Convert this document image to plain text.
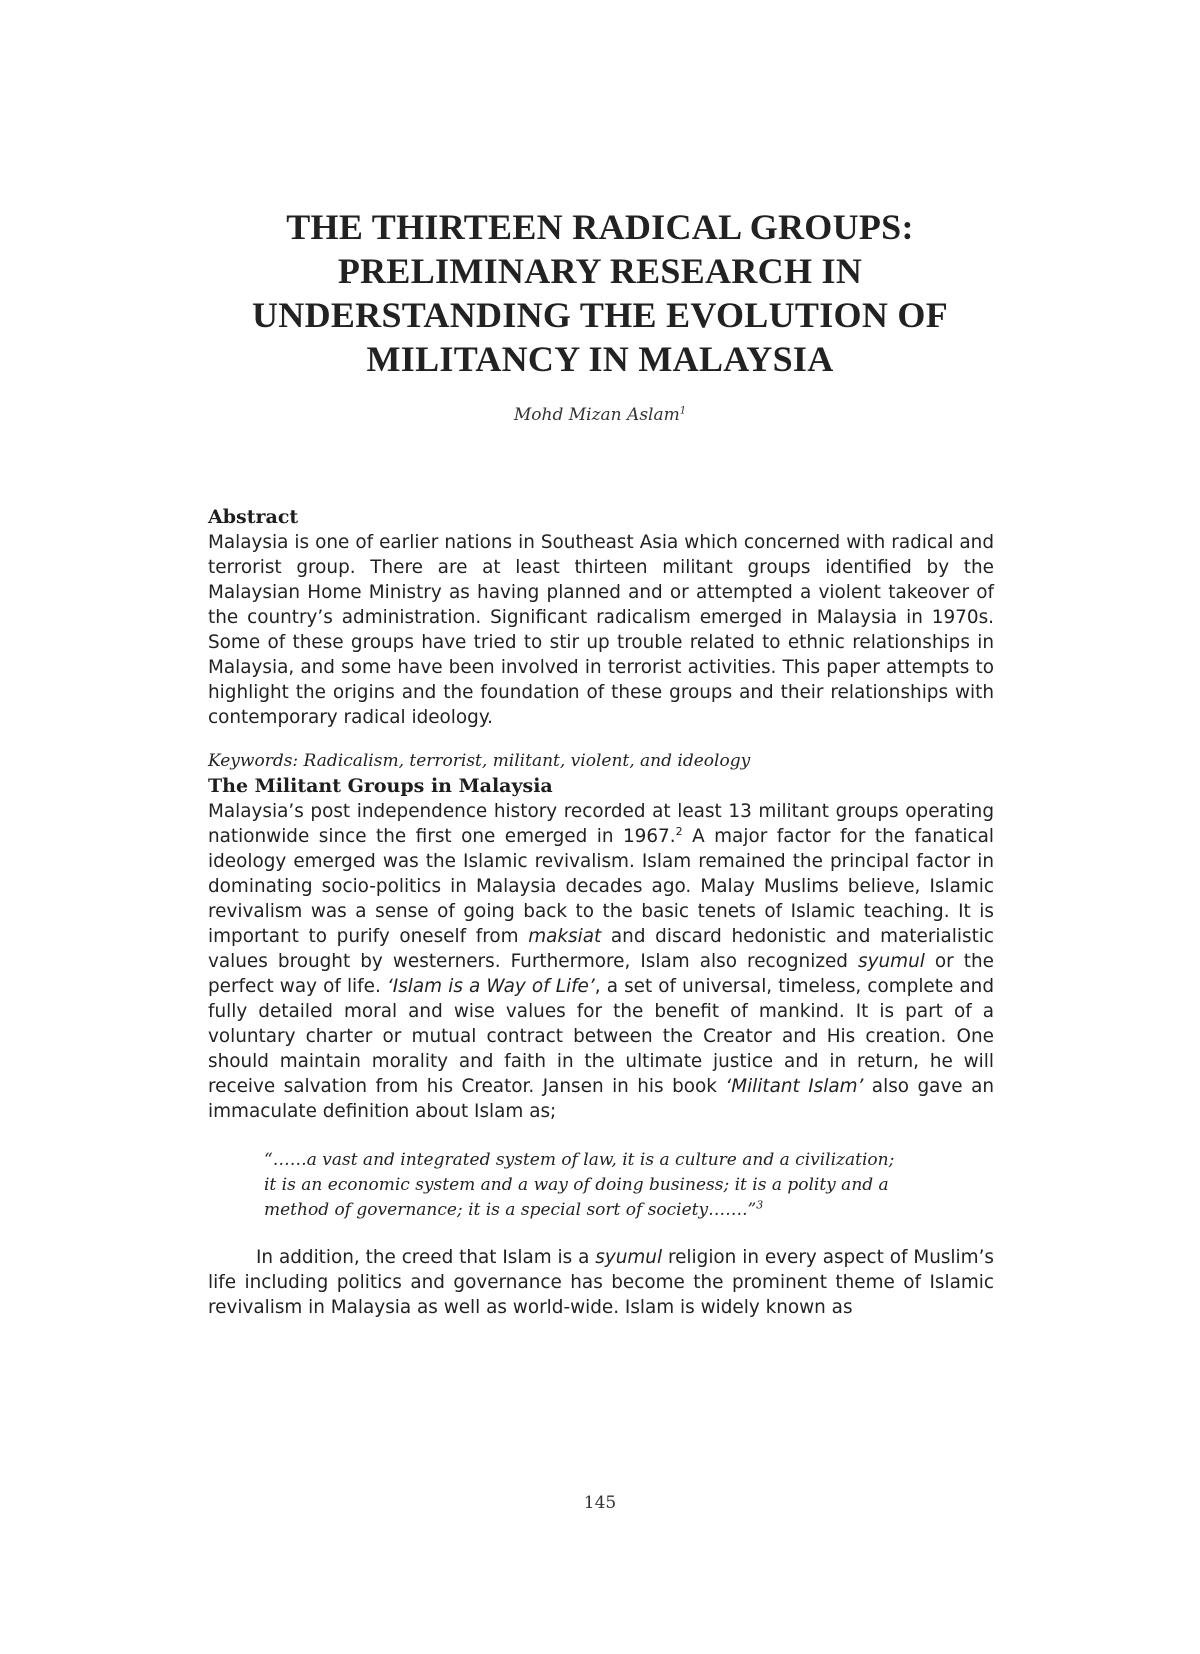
THE THIRTEEN RADICAL GROUPS:
PRELIMINARY RESEARCH IN
UNDERSTANDING THE EVOLUTION OF
MILITANCY IN MALAYSIA
Mohd Mizan Aslam$^1$
Abstract

Malaysia is one of earlier nations in Southeast Asia which concerned with radical and terrorist group. There are at least thirteen militant groups identified by the Malaysian Home Ministry as having planned and or attempted a violent takeover of the country’s administration. Significant radicalism emerged in Malaysia in 1970s. Some of these groups have tried to stir up trouble related to ethnic relationships in Malaysia, and some have been involved in terrorist activities. This paper attempts to highlight the origins and the foundation of these groups and their relationships with contemporary radical ideology.

Keywords: Radicalism, terrorist, militant, violent, and ideology

The Militant Groups in Malaysia

Malaysia’s post independence history recorded at least 13 militant groups operating nationwide since the first one emerged in 1967.$^2$ A major factor for the fanatical ideology emerged was the Islamic revivalism. Islam remained the principal factor in dominating socio-politics in Malaysia decades ago. Malay Muslims believe, Islamic revivalism was a sense of going back to the basic tenets of Islamic teaching. It is important to purify oneself from maksiat and discard hedonistic and materialistic values brought by westerners. Furthermore, Islam also recognized syumul or the perfect way of life. ‘Islam is a Way of Life’, a set of universal, timeless, complete and fully detailed moral and wise values for the benefit of mankind. It is part of a voluntary charter or mutual contract between the Creator and His creation. One should maintain morality and faith in the ultimate justice and in return, he will receive salvation from his Creator. Jansen in his book ‘Militant Islam’ also gave an immaculate definition about Islam as;

“……a vast and integrated system of law, it is a culture and a civilization;
it is an economic system and a way of doing business; it is a polity and a
method of governance; it is a special sort of society…….”$^3$

In addition, the creed that Islam is a syumul religion in every aspect of Muslim’s life including politics and governance has become the prominent theme of Islamic revivalism in Malaysia as well as world-wide. Islam is widely known as

145
